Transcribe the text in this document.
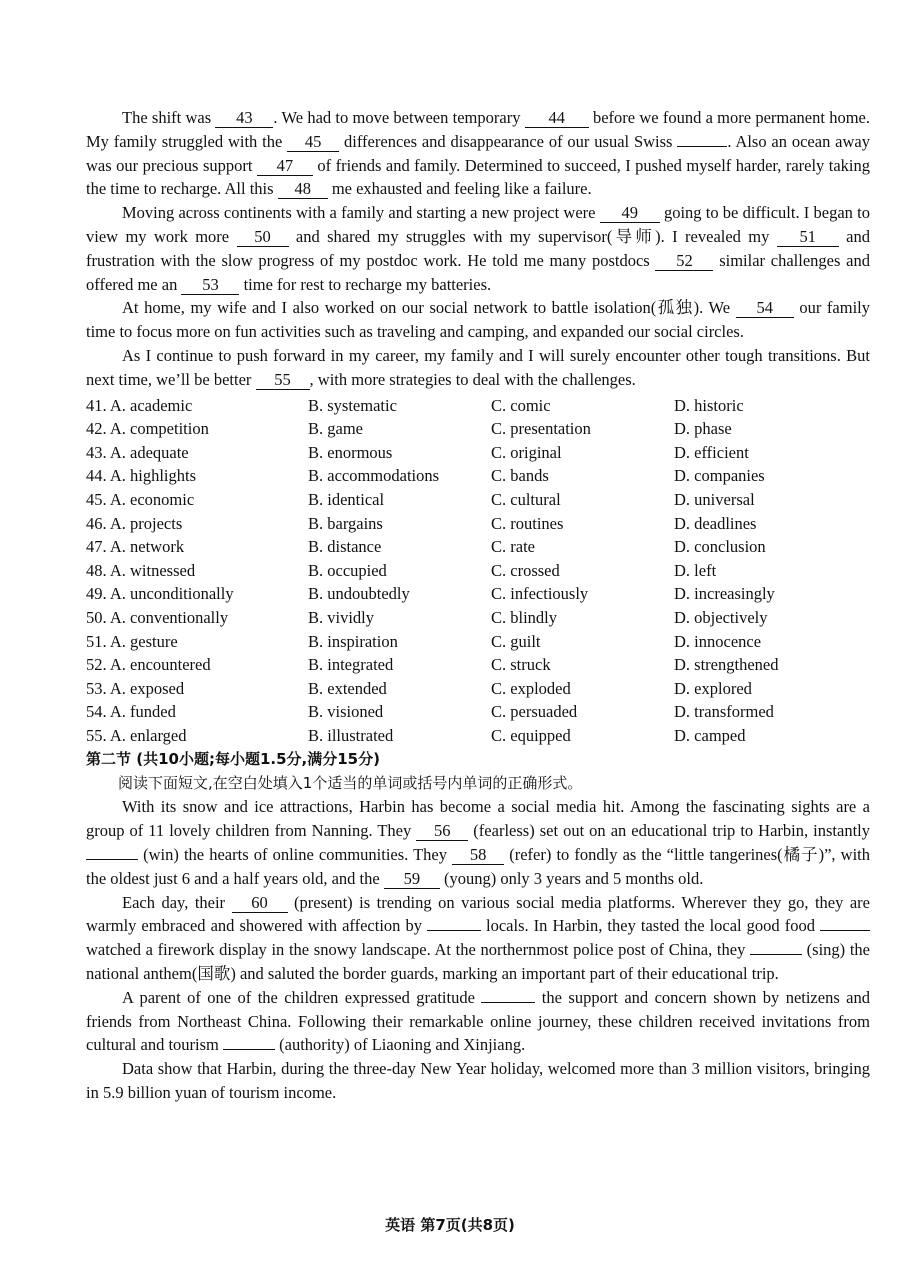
The shift was 43 . We had to move between temporary 44 before we found a more permanent home. My family struggled with the 45 differences and disappearance of our usual Swiss	. Also an ocean away was our precious support 47 of friends and family. Determined to succeed, I pushed myself harder, rarely taking the time to recharge. All this 48 me exhausted and feeling like a failure.

Moving across continents with a family and starting a new project were 49 going to be difficult. I began to view my work more 50 and shared my struggles with my supervisor(导师). I revealed my 51 and frustration with the slow progress of my postdoc work. He told me many postdocs 52 similar challenges and offered me an 53 time for rest to recharge my batteries.

At home, my wife and I also worked on our social network to battle isolation(孤独). We 54 our family time to focus more on fun activities such as traveling and camping, and expanded our social circles.

As I continue to push forward in my career, my family and I will surely encounter other tough transitions. But next time, we’ll be better 55 , with more strategies to deal with the challenges.

41. A. academic	B. systematic	C. comic	D. historic
42. A. competition	B. game	C. presentation	D. phase
43. A. adequate	B. enormous	C. original	D. efficient
44. A. highlights	B. accommodations	C. bands	D. companies
45. A. economic	B. identical	C. cultural	D. universal
46. A. projects	B. bargains	C. routines	D. deadlines
47. A. network	B. distance	C. rate	D. conclusion
48. A. witnessed	B. occupied	C. crossed	D. left
49. A. unconditionally	B. undoubtedly	C. infectiously	D. increasingly
50. A. conventionally	B. vividly	C. blindly	D. objectively
51. A. gesture	B. inspiration	C. guilt	D. innocence
52. A. encountered	B. integrated	C. struck	D. strengthened
53. A. exposed	B. extended	C. exploded	D. explored
54. A. funded	B. visioned	C. persuaded	D. transformed
55. A. enlarged	B. illustrated	C. equipped	D. camped
第二节 (共10小题;每小题1.5分,满分15分)
阅读下面短文,在空白处填入1个适当的单词或括号内单词的正确形式。

With its snow and ice attractions, Harbin has become a social media hit. Among the fascinating sights are a group of 11 lovely children from Nanning. They 56 (fearless) set out on an educational trip to Harbin, instantly  (win) the hearts of online communities. They 58 (refer) to fondly as the “little tangerines(橘子)”, with the oldest just 6 and a half years old, and the 59 (young) only 3 years and 5 months old.

Each day, their 60 (present) is trending on various social media platforms. Wherever they go, they are warmly embraced and showered with affection by	locals. In Harbin, they tasted the local good food  watched a firework display in the snowy landscape. At the northernmost police post of China, they	(sing) the national anthem(国歌) and saluted the border guards, marking an important part of their educational trip.

A parent of one of the children expressed gratitude	the support and concern shown by netizens and friends from Northeast China. Following their remarkable online journey, these children received invitations from cultural and tourism	(authority) of Liaoning and Xinjiang.

Data show that Harbin, during the three-day New Year holiday, welcomed more than 3 million visitors, bringing in 5.9 billion yuan of tourism income.

英语 第7页(共8页)
